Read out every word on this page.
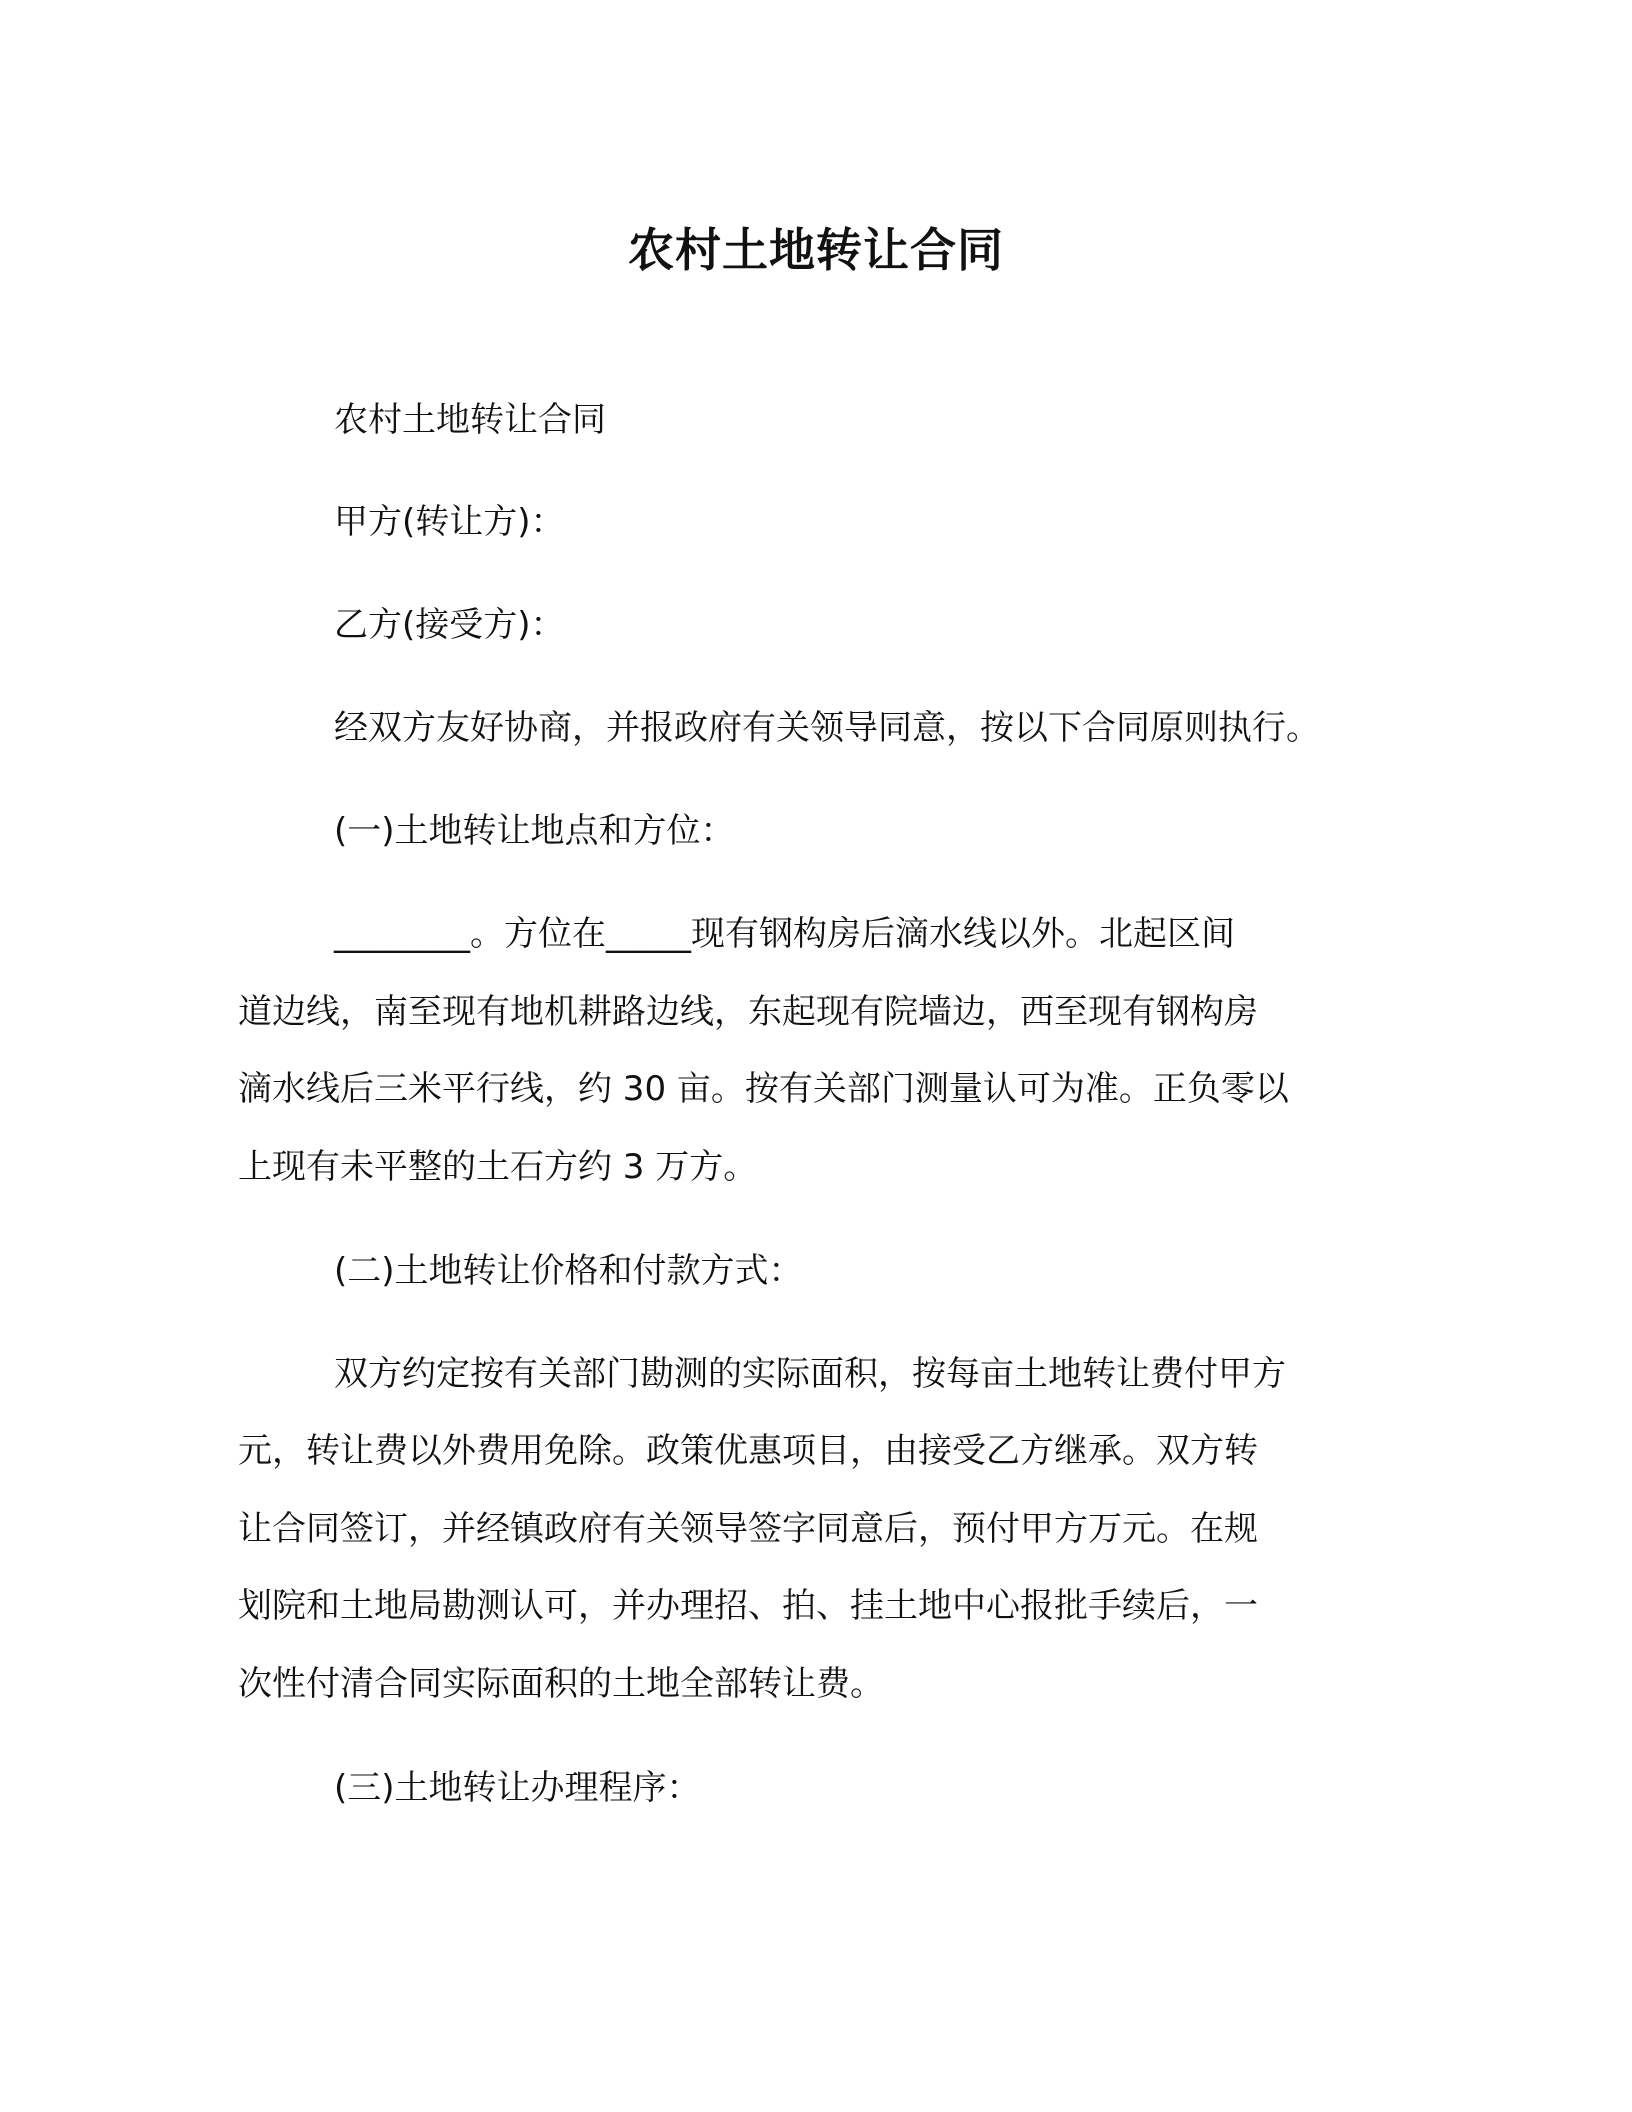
农村土地转让合同
农村土地转让合同
甲方(转让方)：
乙方(接受方)：
经双方友好协商，并报政府有关领导同意，按以下合同原则执行。
(一)土地转让地点和方位：
________。方位在_____现有钢构房后滴水线以外。北起区间
道边线，南至现有地机耕路边线，东起现有院墙边，西至现有钢构房
滴水线后三米平行线，约 30 亩。按有关部门测量认可为准。正负零以
上现有未平整的土石方约 3 万方。
(二)土地转让价格和付款方式：
双方约定按有关部门勘测的实际面积，按每亩土地转让费付甲方
元，转让费以外费用免除。政策优惠项目，由接受乙方继承。双方转
让合同签订，并经镇政府有关领导签字同意后，预付甲方万元。在规
划院和土地局勘测认可，并办理招、拍、挂土地中心报批手续后，一
次性付清合同实际面积的土地全部转让费。
(三)土地转让办理程序：
